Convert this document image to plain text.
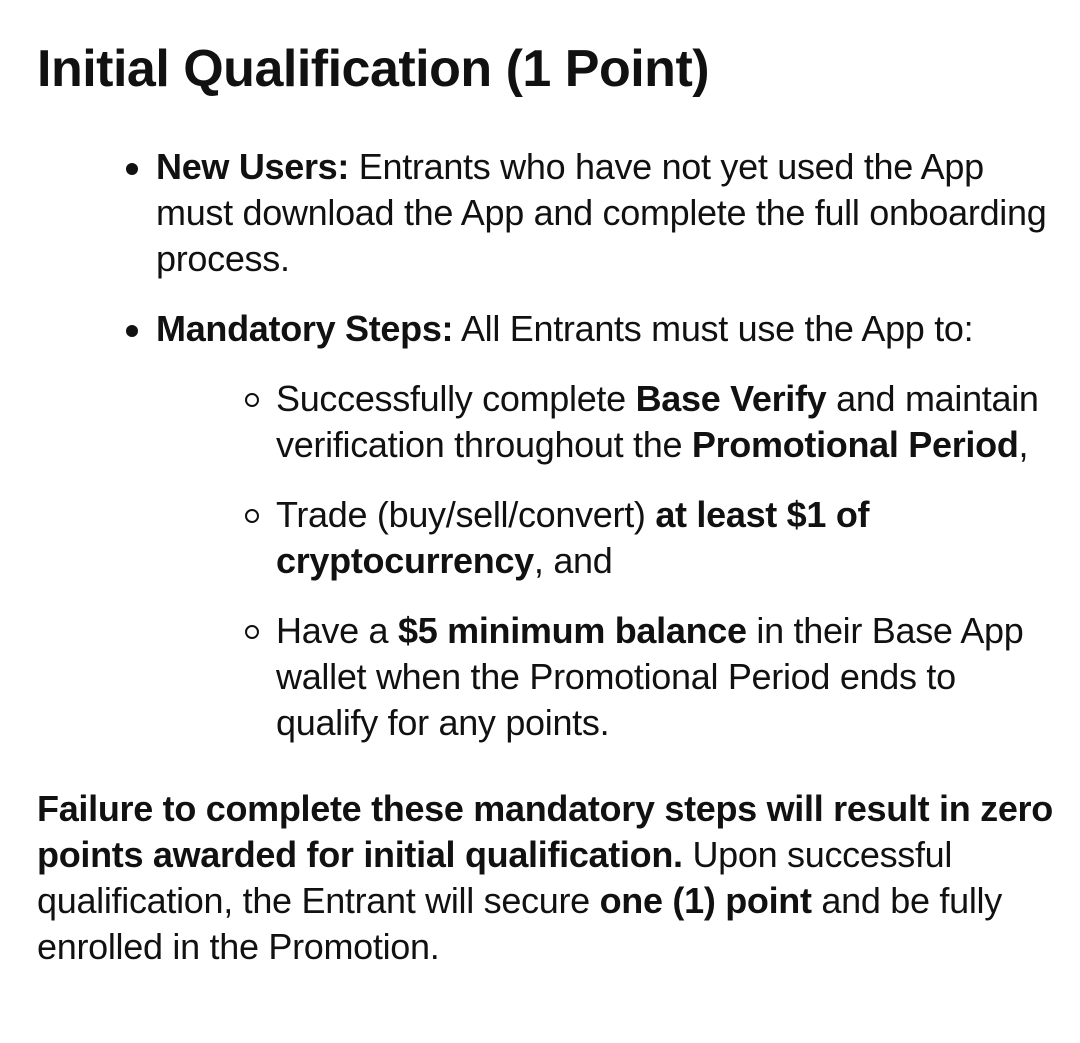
Initial Qualification (1 Point)
New Users: Entrants who have not yet used the App must download the App and complete the full onboarding process.
Mandatory Steps: All Entrants must use the App to:
Successfully complete Base Verify and maintain verification throughout the Promotional Period,
Trade (buy/sell/convert) at least $1 of cryptocurrency, and
Have a $5 minimum balance in their Base App wallet when the Promotional Period ends to qualify for any points.

Failure to complete these mandatory steps will result in zero points awarded for initial qualification. Upon successful qualification, the Entrant will secure one (1) point and be fully enrolled in the Promotion.
